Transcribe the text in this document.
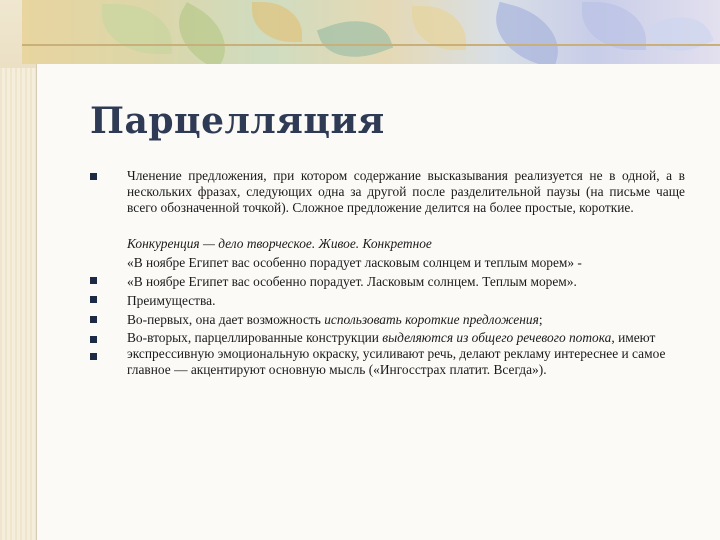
Парцелляция

Членение предложения, при котором содержание высказывания реализуется не в одной, а в нескольких фразах, следующих одна за другой после разделительной паузы (на письме чаще всего обозначенной точкой). Сложное предложение делится на более простые, короткие.

Конкуренция — дело творческое. Живое. Конкретное

«В ноябре Египет вас особенно порадует ласковым солнцем и теплым морем» -

«В ноябре Египет вас особенно порадует. Ласковым солнцем. Теплым морем».

Преимущества.

Во-первых, она дает возможность использовать короткие предложения;

Во-вторых, парцеллированные конструкции выделяются из общего речевого потока, имеют экспрессивную эмоциональную окраску, усиливают речь, делают рекламу интереснее и самое главное — акцентируют основную мысль («Ингосстрах платит. Всегда»).
